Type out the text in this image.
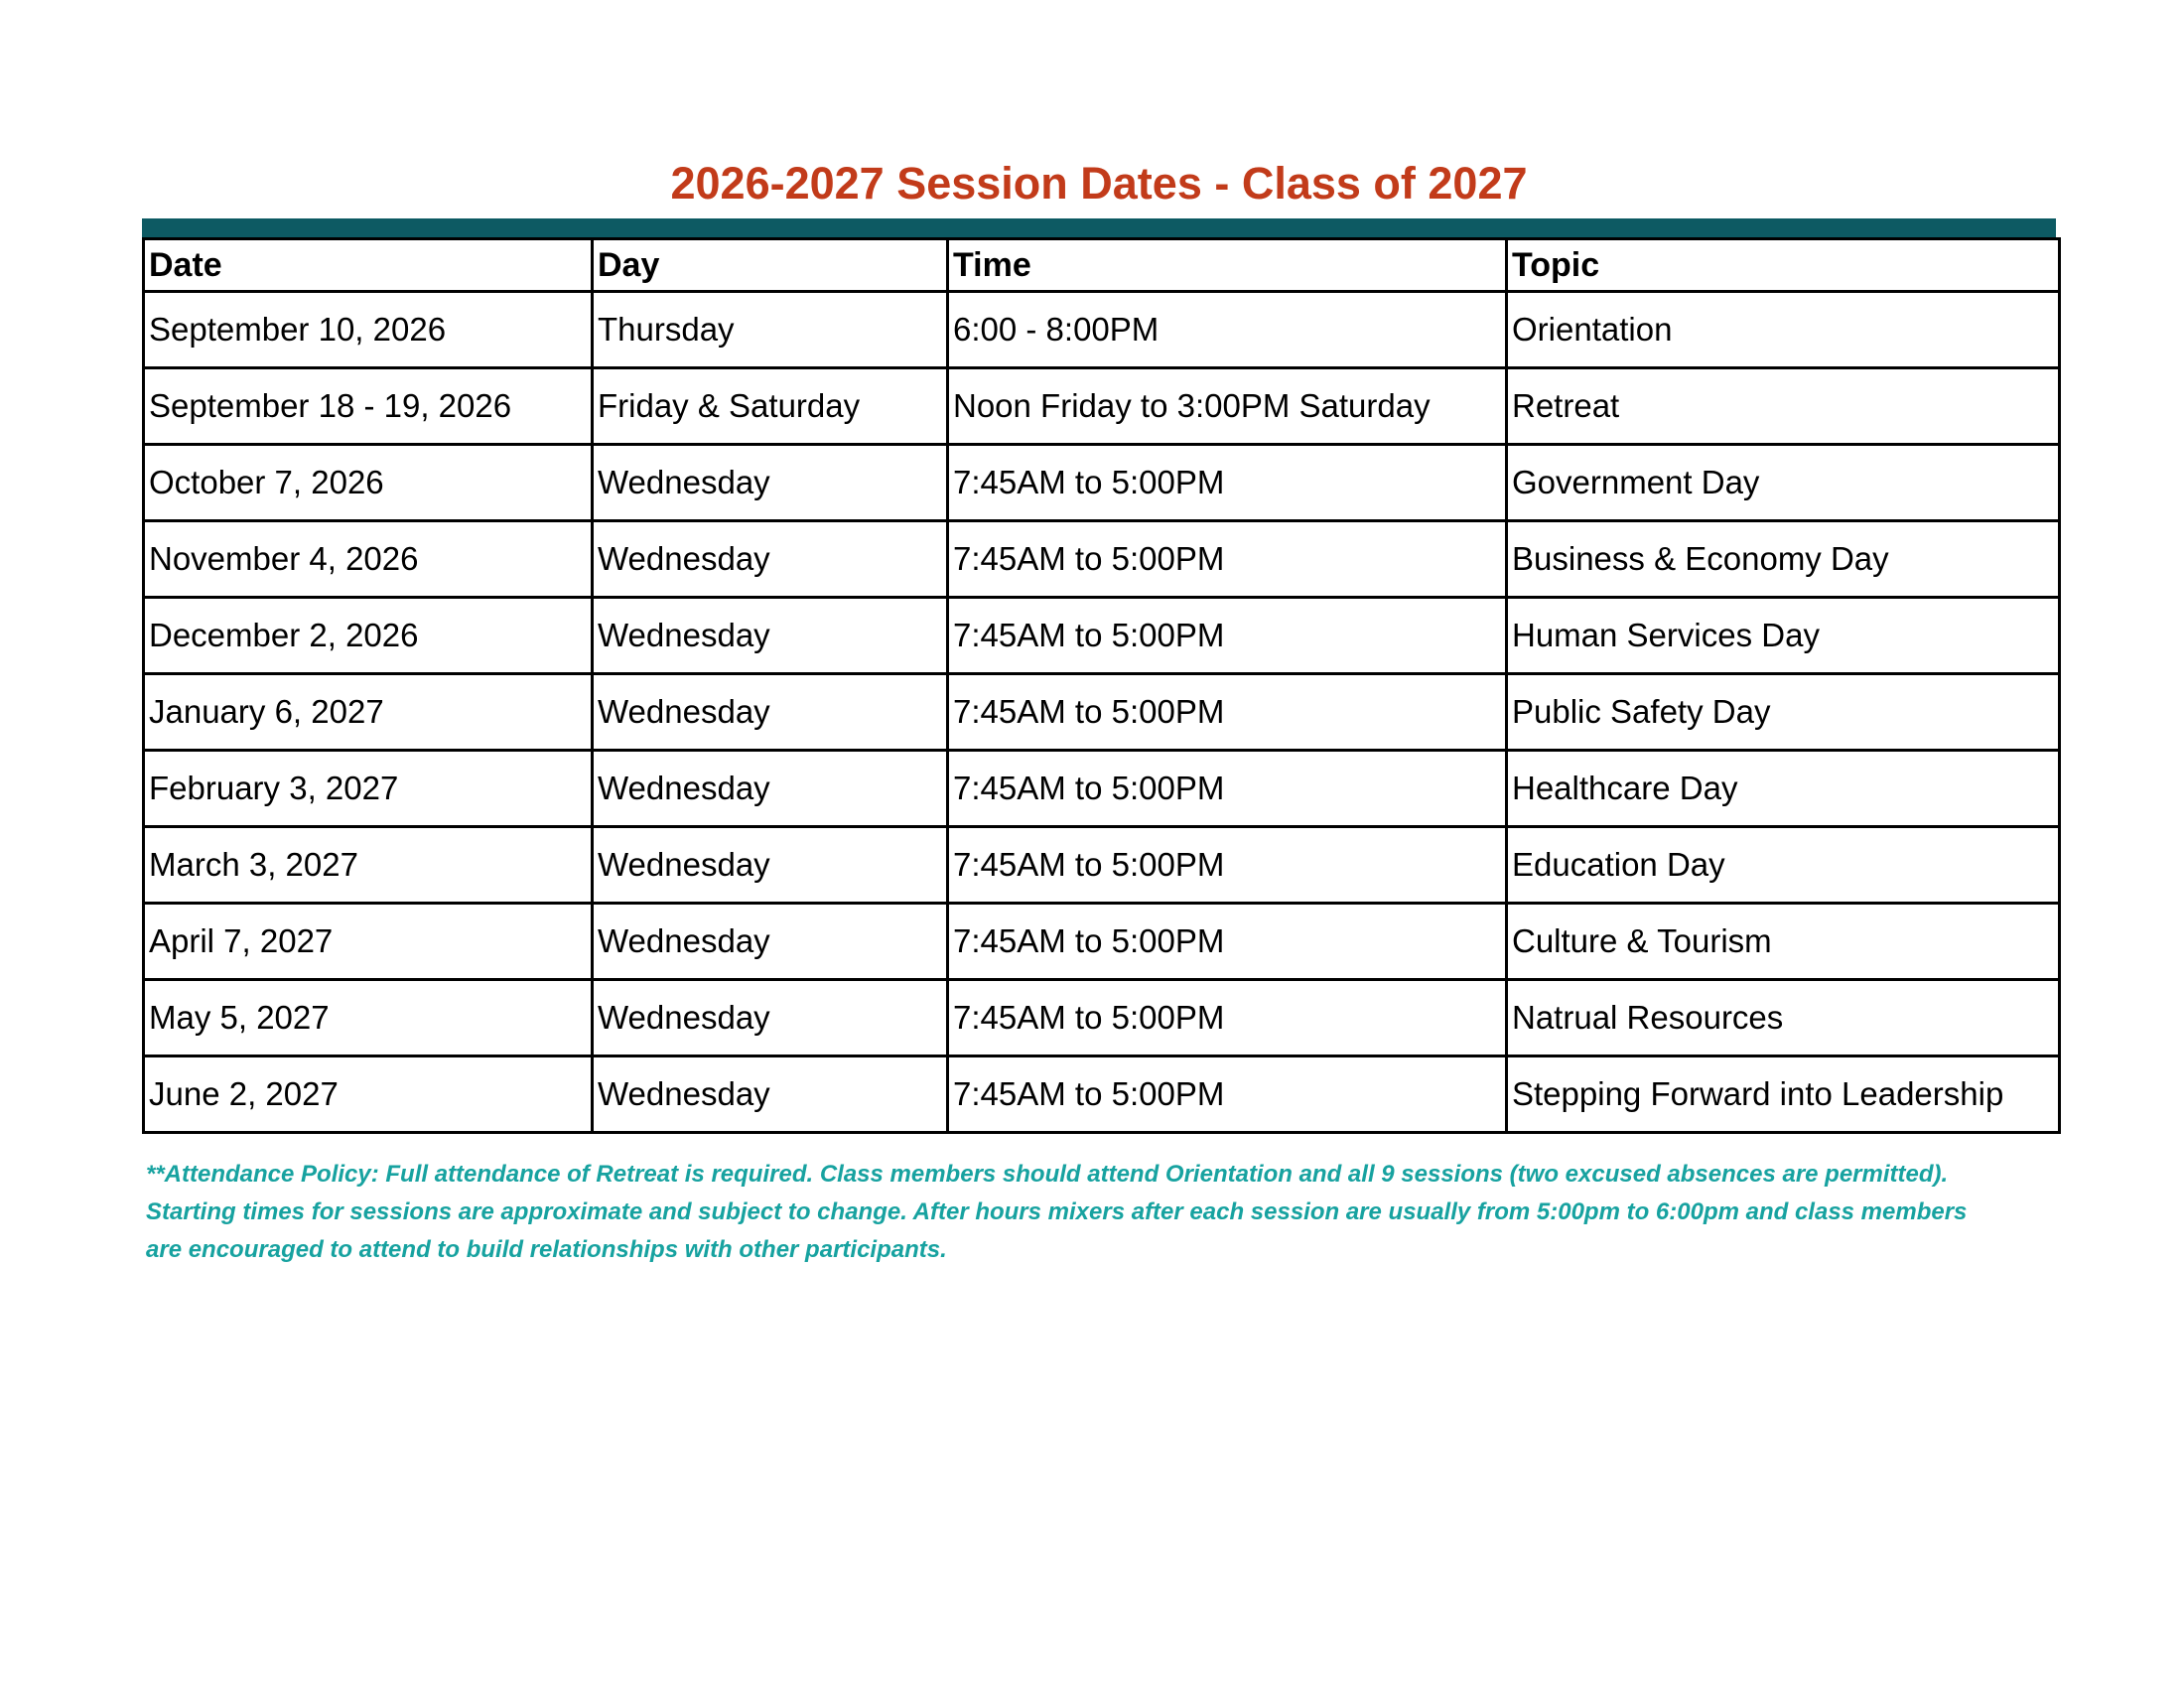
2026-2027 Session Dates - Class of 2027
Date	Day	Time	Topic
September 10, 2026	Thursday	6:00 - 8:00PM	Orientation
September 18 - 19, 2026	Friday & Saturday	Noon Friday to 3:00PM Saturday	Retreat
October 7, 2026	Wednesday	7:45AM to 5:00PM	Government Day
November 4, 2026	Wednesday	7:45AM to 5:00PM	Business & Economy Day
December 2, 2026	Wednesday	7:45AM to 5:00PM	Human Services Day
January 6, 2027	Wednesday	7:45AM to 5:00PM	Public Safety Day
February 3, 2027	Wednesday	7:45AM to 5:00PM	Healthcare Day
March 3, 2027	Wednesday	7:45AM to 5:00PM	Education Day
April 7, 2027	Wednesday	7:45AM to 5:00PM	Culture & Tourism
May 5, 2027	Wednesday	7:45AM to 5:00PM	Natrual Resources
June 2, 2027	Wednesday	7:45AM to 5:00PM	Stepping Forward into Leadership
**Attendance Policy: Full attendance of Retreat is required. Class members should attend Orientation and all 9 sessions (two excused absences are permitted).
Starting times for sessions are approximate and subject to change. After hours mixers after each session are usually from 5:00pm to 6:00pm and class members
are encouraged to attend to build relationships with other participants.
